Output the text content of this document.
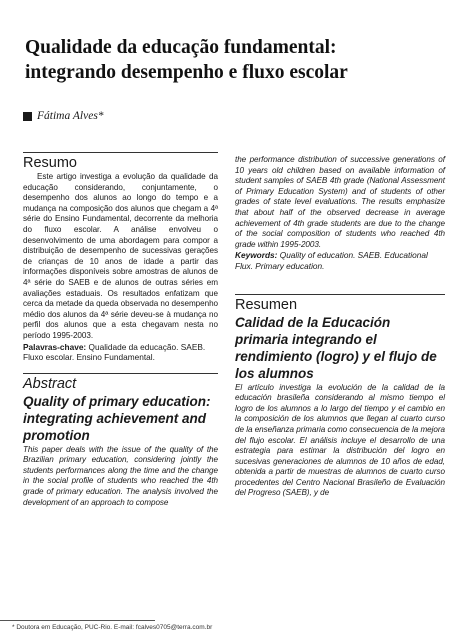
Qualidade da educação fundamental:
integrando desempenho e fluxo escolar
Fátima Alves*
Resumo

Este artigo investiga a evolução da qualidade da educação considerando, conjuntamente, o desempenho dos alunos ao longo do tempo e a mudança na composição dos alunos que chegam a 4ª série do Ensino Fundamental, decorrente da melhoria do fluxo escolar. A análise envolveu o desenvolvimento de uma abordagem para compor a distribuição de desempenho de sucessivas gerações de crianças de 10 anos de idade a partir das informações disponíveis sobre amostras de alunos de 4ª série do SAEB e de alunos de outras séries em avaliações estaduais. Os resultados enfatizam que cerca da metade da queda observada no desempenho médio dos alunos da 4ª série deveu-se à mudança no perfil dos alunos que a esta chegavam nesta no período 1995-2003.

Palavras-chave: Qualidade da educação. SAEB. Fluxo escolar. Ensino Fundamental.

Abstract

Quality of primary education: integrating achievement and promotion

This paper deals with the issue of the quality of the Brazilian primary education, considering jointly the students performances along the time and the change in the social profile of students who reached the 4th grade of primary education. The analysis involved the development of an approach to compose

the performance distribution of successive generations of 10 years old children based on available information of student samples of SAEB 4th grade (National Assessment of Primary Education System) and of students of other grades of state level evaluations. The results emphasize that about half of the observed decrease in average achievement of 4th grade students are due to the change of the social composition of students who reached 4th grade within 1995-2003.

Keywords: Quality of education. SAEB. Educational Flux. Primary education.

Resumen

Calidad de la Educación primaria integrando el rendimiento (logro) y el flujo de los alumnos

El artículo investiga la evolución de la calidad de la educación brasileña considerando al mismo tiempo el logro de los alumnos a lo largo del tiempo y el cambio en la composición de los alumnos que llegan al cuarto curso de la enseñanza primaria como consecuencia de la mejora del flujo escolar. El análisis incluye el desarrollo de una estrategia para estimar la distribución del logro en sucesivas generaciones de alumnos de 10 años de edad, obtenida a partir de muestras de alumnos de cuarto curso procedentes del Centro Nacional Brasileño de Evaluación del Progreso (SAEB), y de

* Doutora em Educação, PUC-Rio. E-mail: fcalves0705@terra.com.br
